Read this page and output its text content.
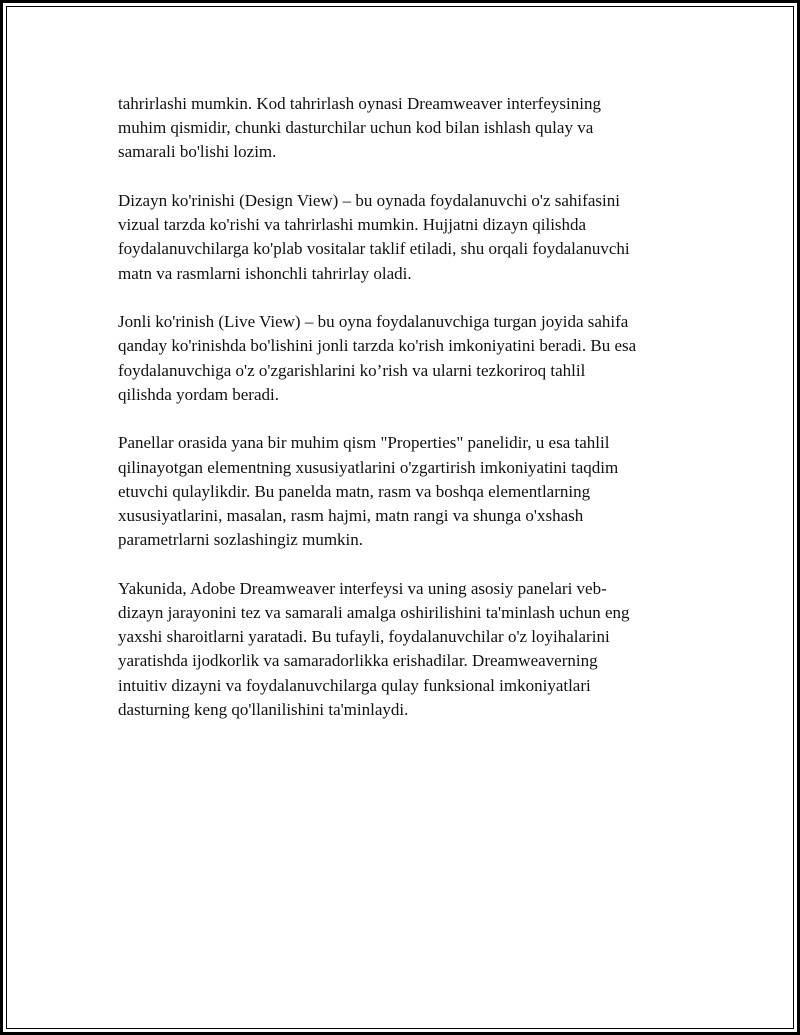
tahrirlashi mumkin. Kod tahrirlash oynasi Dreamweaver interfeysining
muhim qismidir, chunki dasturchilar uchun kod bilan ishlash qulay va
samarali bo'lishi lozim.

Dizayn ko'rinishi (Design View) – bu oynada foydalanuvchi o'z sahifasini
vizual tarzda ko'rishi va tahrirlashi mumkin. Hujjatni dizayn qilishda
foydalanuvchilarga ko'plab vositalar taklif etiladi, shu orqali foydalanuvchi
matn va rasmlarni ishonchli tahrirlay oladi.

Jonli ko'rinish (Live View) – bu oyna foydalanuvchiga turgan joyida sahifa
qanday ko'rinishda bo'lishini jonli tarzda ko'rish imkoniyatini beradi. Bu esa
foydalanuvchiga o'z o'zgarishlarini ko’rish va ularni tezkoriroq tahlil
qilishda yordam beradi.

Panellar orasida yana bir muhim qism "Properties" panelidir, u esa tahlil
qilinayotgan elementning xususiyatlarini o'zgartirish imkoniyatini taqdim
etuvchi qulaylikdir. Bu panelda matn, rasm va boshqa elementlarning
xususiyatlarini, masalan, rasm hajmi, matn rangi va shunga o'xshash
parametrlarni sozlashingiz mumkin.

Yakunida, Adobe Dreamweaver interfeysi va uning asosiy panelari veb-
dizayn jarayonini tez va samarali amalga oshirilishini ta'minlash uchun eng
yaxshi sharoitlarni yaratadi. Bu tufayli, foydalanuvchilar o'z loyihalarini
yaratishda ijodkorlik va samaradorlikka erishadilar. Dreamweaverning
intuitiv dizayni va foydalanuvchilarga qulay funksional imkoniyatlari
dasturning keng qo'llanilishini ta'minlaydi.
